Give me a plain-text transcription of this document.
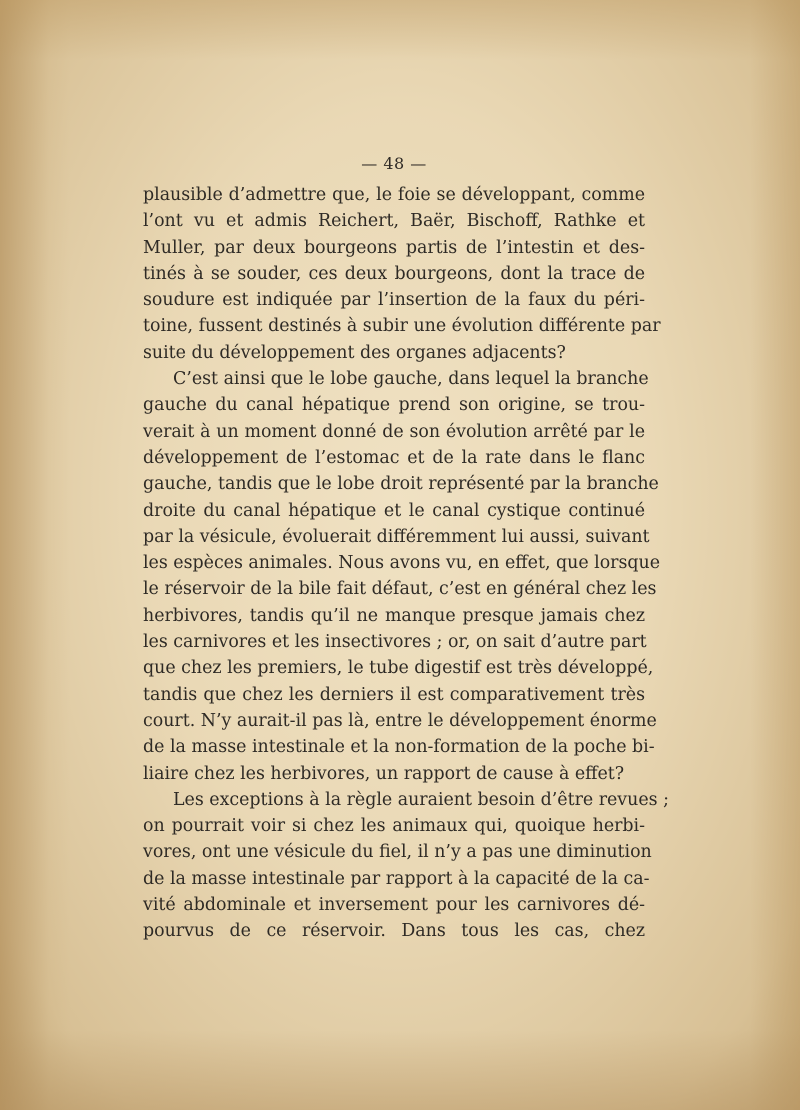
— 48 —
plausible d’admettre que, le foie se développant, comme
l’ont vu et admis Reichert, Baër, Bischoff, Rathke et
Muller, par deux bourgeons partis de l’intestin et des-
tinés à se souder, ces deux bourgeons, dont la trace de
soudure est indiquée par l’insertion de la faux du péri-
toine, fussent destinés à subir une évolution différente par
suite du développement des organes adjacents?
C’est ainsi que le lobe gauche, dans lequel la branche
gauche du canal hépatique prend son origine, se trou-
verait à un moment donné de son évolution arrêté par le
développement de l’estomac et de la rate dans le flanc
gauche, tandis que le lobe droit représenté par la branche
droite du canal hépatique et le canal cystique continué
par la vésicule, évoluerait différemment lui aussi, suivant
les espèces animales. Nous avons vu, en effet, que lorsque
le réservoir de la bile fait défaut, c’est en général chez les
herbivores, tandis qu’il ne manque presque jamais chez
les carnivores et les insectivores ; or, on sait d’autre part
que chez les premiers, le tube digestif est très développé,
tandis que chez les derniers il est comparativement très
court. N’y aurait-il pas là, entre le développement énorme
de la masse intestinale et la non-formation de la poche bi-
liaire chez les herbivores, un rapport de cause à effet?
Les exceptions à la règle auraient besoin d’être revues ;
on pourrait voir si chez les animaux qui, quoique herbi-
vores, ont une vésicule du fiel, il n’y a pas une diminution
de la masse intestinale par rapport à la capacité de la ca-
vité abdominale et inversement pour les carnivores dé-
pourvus de ce réservoir. Dans tous les cas, chez
